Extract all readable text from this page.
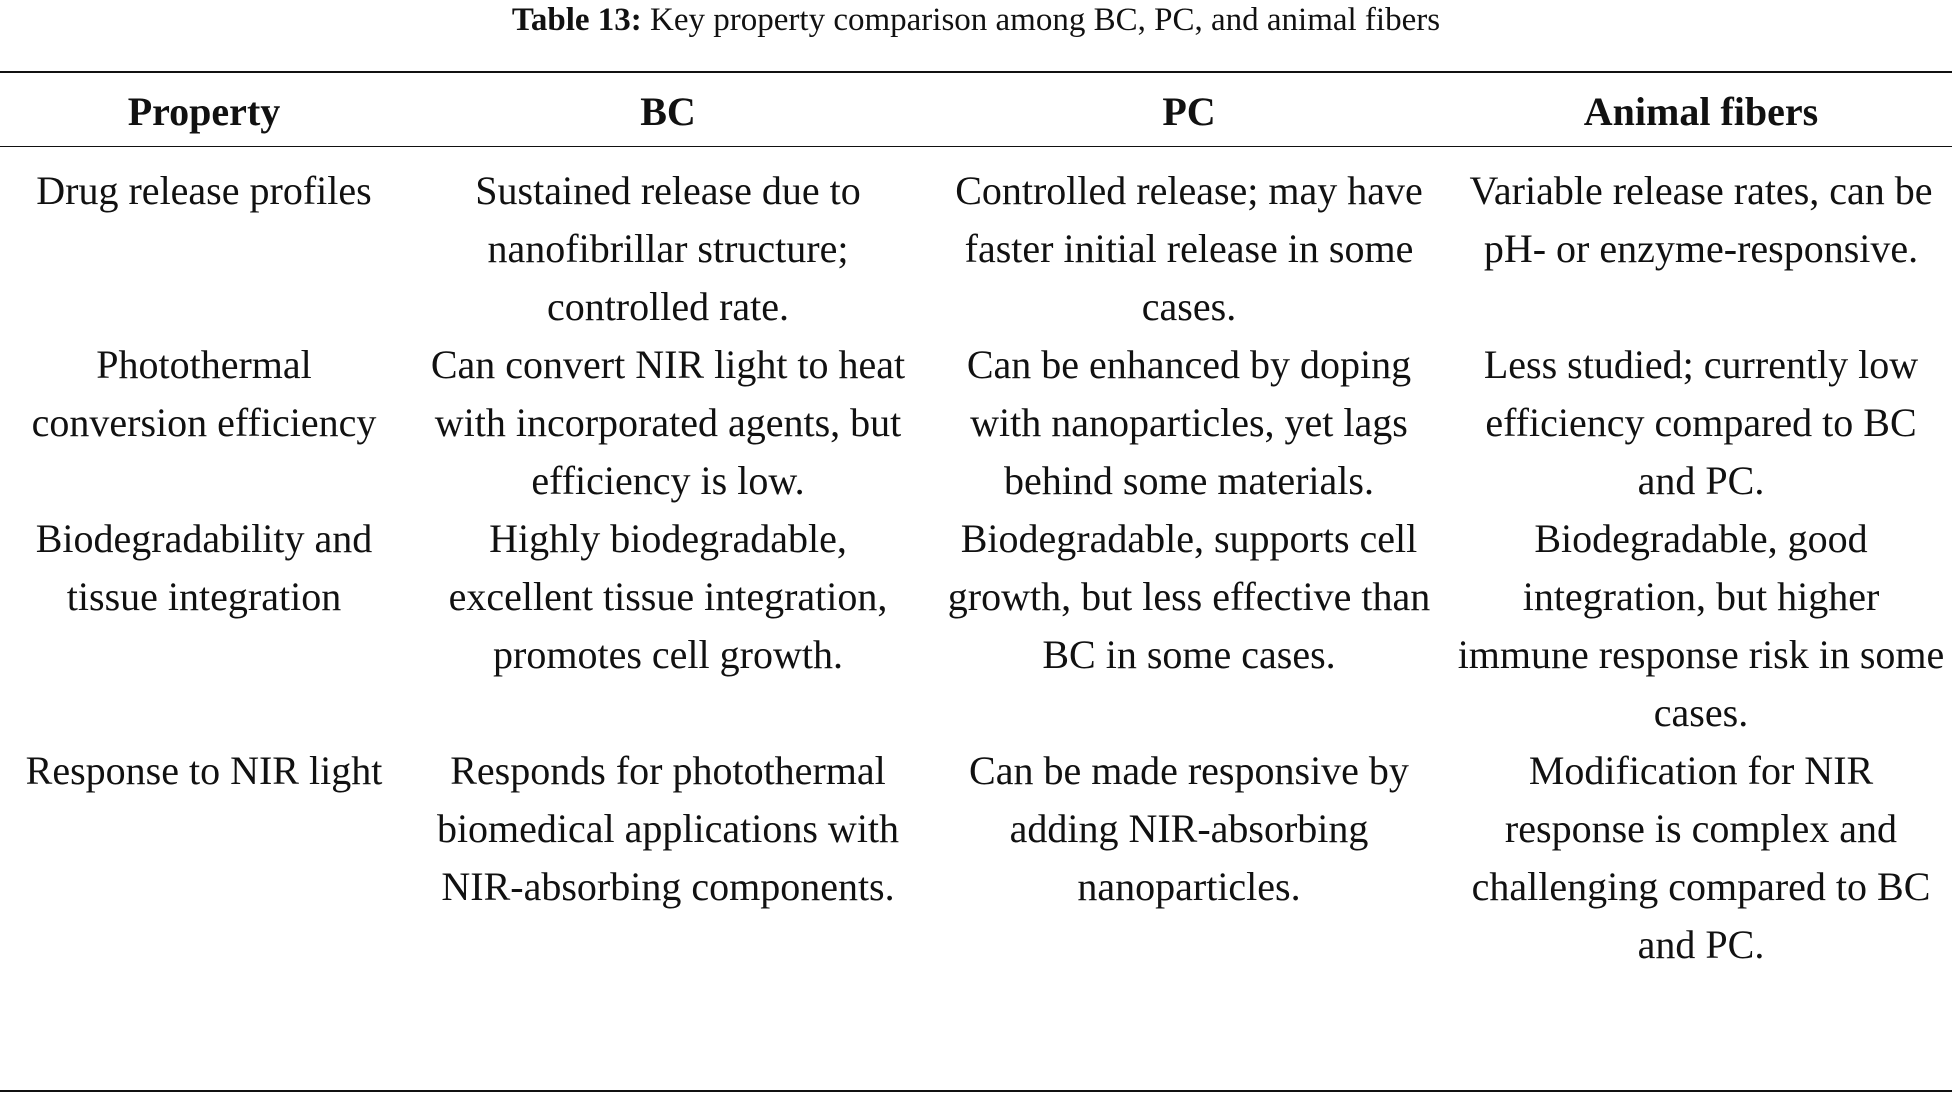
Table 13: Key property comparison among BC, PC, and animal fibers
Property	BC	PC	Animal fibers
Drug release profiles	Sustained release due to nanofibrillar structure; controlled rate.	Controlled release; may have faster initial release in some cases.	Variable release rates, can be pH- or enzyme-responsive.
Photothermal conversion efficiency	Can convert NIR light to heat with incorporated agents, but efficiency is low.	Can be enhanced by doping with nanoparticles, yet lags behind some materials.	Less studied; currently low efficiency compared to BC and PC.
Biodegradability and tissue integration	Highly biodegradable, excellent tissue integration, promotes cell growth.	Biodegradable, supports cell growth, but less effective than BC in some cases.	Biodegradable, good integration, but higher immune response risk in some cases.
Response to NIR light	Responds for photothermal biomedical applications with NIR-absorbing components.	Can be made responsive by adding NIR-absorbing nanoparticles.	Modification for NIR response is complex and challenging compared to BC and PC.
